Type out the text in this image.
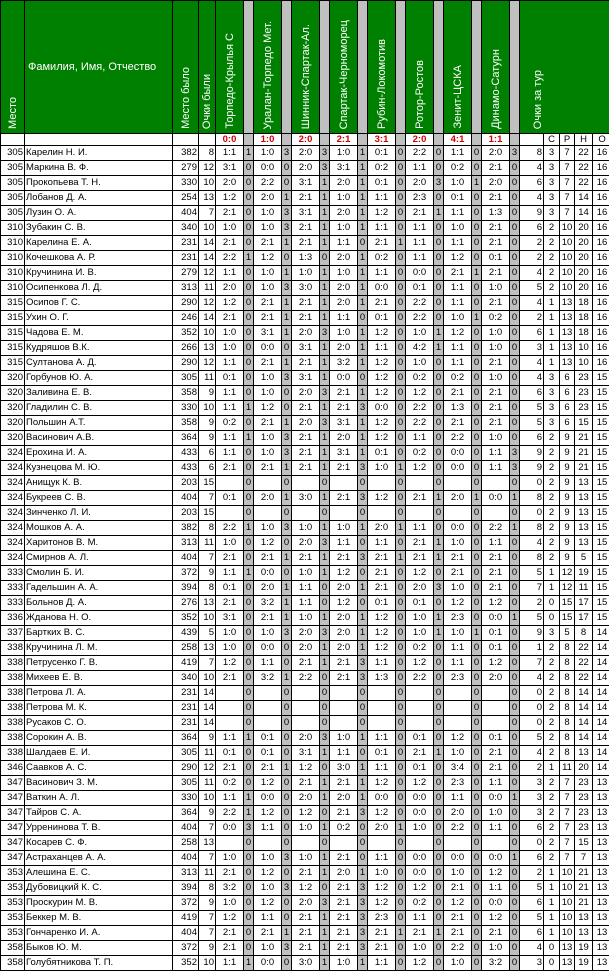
Место	Фамилия, Имя, Отчество	Место было	Очки были	Торпедо-Крылья С		Уралан-Торпедо Мет.		Шинник-Спартак-Ал.		Спартак-Черноморец		Рубин-Локомотив		Ротор-Ростов		Зенит-ЦСКА		Динамо-Сатурн		Очки за тур				

				0:0		1:0		2:0		2:1		3:1		2:0		4:1		1:1			С	Р	Н	О
305	Карелин Н. И.	382	8	1:1	1	1:0	3	2:0	3	1:0	1	0:1	0	2:2	0	1:1	0	2:0	3	8	3	7	22	16
305	Маркина В. Ф.	279	12	3:1	0	0:0	0	2:0	3	3:1	1	0:2	0	1:1	0	0:2	0	2:1	0	4	3	7	22	16
305	Прокопьева Т. Н.	330	10	2:0	0	2:2	0	3:1	1	2:0	1	0:1	0	2:0	3	1:0	1	2:0	0	6	3	7	22	16
305	Лобанов Д. А.	254	13	1:2	0	2:0	1	2:1	1	1:0	1	1:1	0	2:3	0	0:1	0	2:1	0	4	3	7	14	16
305	Лузин О. А.	404	7	2:1	0	1:0	3	3:1	1	2:0	1	1:2	0	2:1	1	1:1	0	1:3	0	9	3	7	14	16
310	Зубакин С. В.	340	10	1:0	0	1:0	3	2:1	1	1:0	1	1:1	0	1:1	0	1:0	0	2:1	0	6	2	10	20	16
310	Карелина Е. А.	231	14	2:1	0	2:1	1	2:1	1	1:1	0	2:1	1	1:1	0	1:1	0	2:1	0	2	2	10	20	16
310	Кочешкова А. Р.	231	14	2:2	1	1:2	0	1:3	0	2:0	1	0:2	0	1:1	0	1:2	0	0:1	0	2	2	10	20	16
310	Кручинина И. В.	279	12	1:1	0	1:0	1	1:0	1	1:0	1	1:1	0	0:0	0	2:1	1	2:1	0	4	2	10	20	16
310	Осипенкова Л. Д.	313	11	2:0	0	1:0	3	3:0	1	2:0	1	0:0	0	0:1	0	1:1	0	1:0	0	5	2	10	20	16
315	Осипов Г. С.	290	12	1:2	0	2:1	1	2:1	1	2:0	1	2:1	0	2:2	0	1:1	0	2:1	0	4	1	13	18	16
315	Ухин О. Г.	246	14	2:1	0	2:1	1	2:1	1	1:1	0	0:1	0	2:2	0	1:0	1	0:2	0	2	1	13	18	16
315	Чадова Е. М.	352	10	1:0	0	3:1	1	2:0	3	1:0	1	1:2	0	1:0	1	1:2	0	1:0	0	6	1	13	18	16
315	Кудряшов В.К.	266	13	1:0	0	0:0	0	3:1	1	2:0	1	1:1	0	4:2	1	1:1	0	1:0	0	3	1	13	10	16
315	Султанова А. Д.	290	12	1:1	0	2:1	1	2:1	1	3:2	1	1:2	0	1:0	0	1:1	0	2:1	0	4	1	13	10	16
320	Горбунов Ю. А.	305	11	0:1	0	1:0	3	3:1	1	0:0	0	1:2	0	0:2	0	0:2	0	1:0	0	4	3	6	23	15
320	Заливина Е. В.	358	9	1:1	0	1:0	0	2:0	3	2:1	1	1:2	0	1:2	0	2:1	0	2:1	0	6	3	6	23	15
320	Гладилин С. В.	330	10	1:1	1	1:2	0	2:1	1	2:1	3	0:0	0	2:2	0	1:3	0	2:1	0	5	3	6	23	15
320	Польшин А.Т.	358	9	0:2	0	2:1	1	2:0	3	3:1	1	1:2	0	2:2	0	2:1	0	2:1	0	5	3	6	15	15
320	Васинович А.В.	364	9	1:1	1	1:0	3	2:1	1	2:0	1	1:2	0	1:1	0	2:2	0	1:0	0	6	2	9	21	15
324	Ерохина И. А.	433	6	1:1	0	1:0	3	2:1	1	3:1	1	0:1	0	0:2	0	0:0	0	1:1	3	9	2	9	21	15
324	Кузнецова М. Ю.	433	6	2:1	0	2:1	1	2:1	1	2:1	3	1:0	1	1:2	0	0:0	0	1:1	3	9	2	9	21	15
324	Анищук К. В.	203	15		0		0		0		0		0		0		0		0	0	2	9	13	15
324	Букреев С. В.	404	7	0:1	0	2:0	1	3:0	1	2:1	3	1:2	0	2:1	1	2:0	1	0:0	1	8	2	9	13	15
324	Зинченко Л. И.	203	15		0		0		0		0		0		0		0		0	0	2	9	13	15
324	Мошков А. А.	382	8	2:2	1	1:0	3	1:0	1	1:0	1	2:0	1	1:1	0	0:0	0	2:2	1	8	2	9	13	15
324	Харитонов В. М.	313	11	1:0	0	1:2	0	2:0	3	1:1	0	1:1	0	2:1	1	1:0	0	1:1	0	4	2	9	13	15
324	Смирнов А. Л.	404	7	2:1	0	2:1	1	2:1	1	2:1	3	2:1	1	2:1	1	2:1	0	2:1	0	8	2	9	5	15
333	Смолин Б. И.	372	9	1:1	1	0:0	0	1:0	1	1:2	0	2:1	0	1:2	0	2:1	0	2:1	0	5	1	12	19	15
333	Гадельшин А. А.	394	8	0:1	0	2:0	1	1:1	0	2:0	1	2:1	0	2:0	3	1:0	0	2:1	0	7	1	12	11	15
333	Больнов Д. А.	276	13	2:1	0	3:2	1	1:1	0	1:2	0	0:1	0	0:1	0	1:2	0	1:2	0	2	0	15	17	15
336	Жданова Н. О.	352	10	3:1	0	2:1	1	1:0	1	2:0	1	1:2	0	1:0	1	2:3	0	0:0	1	5	0	15	17	15
337	Бартких В. С.	439	5	1:0	0	1:0	3	2:0	3	2:0	1	1:2	0	1:0	1	1:0	1	0:1	0	9	3	5	8	14
338	Кручинина Л. М.	258	13	1:0	0	0:0	0	2:0	1	2:0	1	1:2	0	0:2	0	1:1	0	0:1	0	1	2	8	22	14
338	Петрусенко Г. В.	419	7	1:2	0	1:1	0	2:1	1	2:1	3	1:1	0	1:2	0	1:1	0	1:2	0	7	2	8	22	14
338	Михеев Е. В.	340	10	2:1	0	3:2	1	2:2	0	2:1	3	1:3	0	2:2	0	2:3	0	2:0	0	4	2	8	22	14
338	Петрова Л. А.	231	14		0		0		0		0		0		0		0		0	0	2	8	14	14
338	Петрова М. К.	231	14		0		0		0		0		0		0		0		0	0	2	8	14	14
338	Русаков С. О.	231	14		0		0		0		0		0		0		0		0	0	2	8	14	14
338	Сорокин А. В.	364	9	1:1	1	0:1	0	2:0	3	1:0	1	1:1	0	0:1	0	1:2	0	0:1	0	5	2	8	14	14
338	Шалдаев Е. И.	305	11	0:1	0	0:1	0	3:1	1	1:1	0	0:1	0	2:1	1	1:0	0	2:1	0	4	2	8	13	14
346	Саавков А. С.	290	12	2:1	0	2:1	1	1:2	0	3:0	1	1:1	0	0:1	0	3:4	0	2:1	0	2	1	11	20	14
347	Васинович З. М.	305	11	0:2	0	1:2	0	2:1	1	2:1	1	1:2	0	1:2	0	2:3	0	1:1	0	3	2	7	23	13
347	Ваткин А. Л.	330	10	1:1	1	0:0	0	2:0	1	2:0	1	0:0	0	0:0	0	1:1	0	0:0	1	3	2	7	23	13
347	Тайров С. А.	364	9	2:2	1	1:2	0	1:2	0	2:1	3	1:2	0	0:0	0	2:0	0	1:0	0	3	2	7	23	13
347	Урренинова Т. В.	404	7	0:0	3	1:1	0	1:0	1	0:2	0	2:0	1	1:0	0	2:2	0	1:1	0	6	2	7	23	13
347	Косарев С. Ф.	258	13		0		0		0		0		0		0		0		0	0	2	7	15	13
347	Астраханцев А. А.	404	7	1:0	0	1:0	3	1:0	1	2:1	0	1:1	0	0:0	0	0:0	0	0:0	1	6	2	7	7	13
353	Алешина Е. С.	313	11	2:1	0	1:2	0	2:1	1	2:0	1	1:0	0	0:0	0	1:0	0	1:2	0	2	1	10	21	13
353	Дубовицкий К. С.	394	8	3:2	0	1:0	3	1:2	0	2:1	3	1:2	0	1:2	0	2:1	0	1:1	0	5	1	10	21	13
353	Проскурин М. В.	372	9	1:0	0	1:2	0	2:0	3	2:1	3	1:2	0	0:2	0	1:2	0	0:0	0	6	1	10	21	13
353	Беккер М. В.	419	7	1:2	0	1:1	0	2:1	1	2:1	3	2:3	0	1:1	0	2:1	0	1:2	0	5	1	10	13	13
353	Гончаренко И. А.	404	7	2:1	0	2:1	1	2:1	1	2:1	3	2:1	1	2:1	1	2:1	0	2:1	0	6	1	10	13	13
358	Быков Ю. М.	372	9	2:1	0	1:0	3	2:1	1	2:1	3	2:1	0	1:0	0	2:2	0	1:0	0	4	0	13	19	13
358	Голубятникова Т. П.	352	10	1:1	1	0:0	0	3:0	1	1:0	1	1:1	0	1:2	0	1:0	0	3:2	0	3	0	13	19	13
